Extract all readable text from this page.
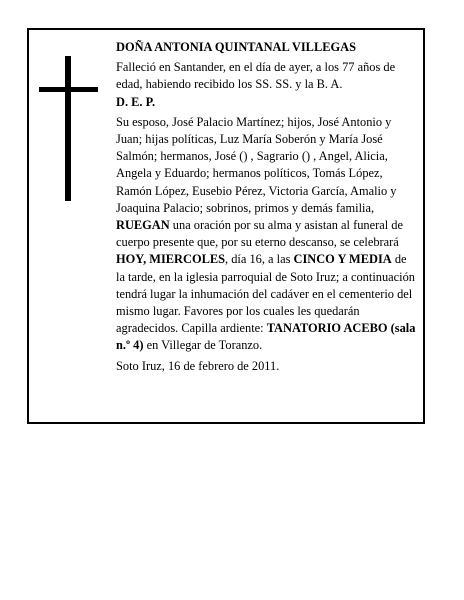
DOÑA ANTONIA QUINTANAL VILLEGAS

Falleció en Santander, en el día de ayer, a los 77 años de edad, habiendo recibido los SS. SS. y la B. A.
D. E. P.

Su esposo, José Palacio Martínez; hijos, José Antonio y Juan; hijas políticas, Luz María Soberón y María José Salmón; hermanos, José () , Sagrario () , Angel, Alicia, Angela y Eduardo; hermanos políticos, Tomás López, Ramón López, Eusebio Pérez, Victoria García, Amalio y Joaquina Palacio; sobrinos, primos y demás familia, RUEGAN una oración por su alma y asistan al funeral de cuerpo presente que, por su eterno descanso, se celebrará HOY, MIERCOLES, día 16, a las CINCO Y MEDIA de la tarde, en la iglesia parroquial de Soto Iruz; a continuación tendrá lugar la inhumación del cadáver en el cementerio del mismo lugar. Favores por los cuales les quedarán agradecidos. Capilla ardiente: TANATORIO ACEBO (sala n.º 4) en Villegar de Toranzo.

Soto Iruz, 16 de febrero de 2011.
